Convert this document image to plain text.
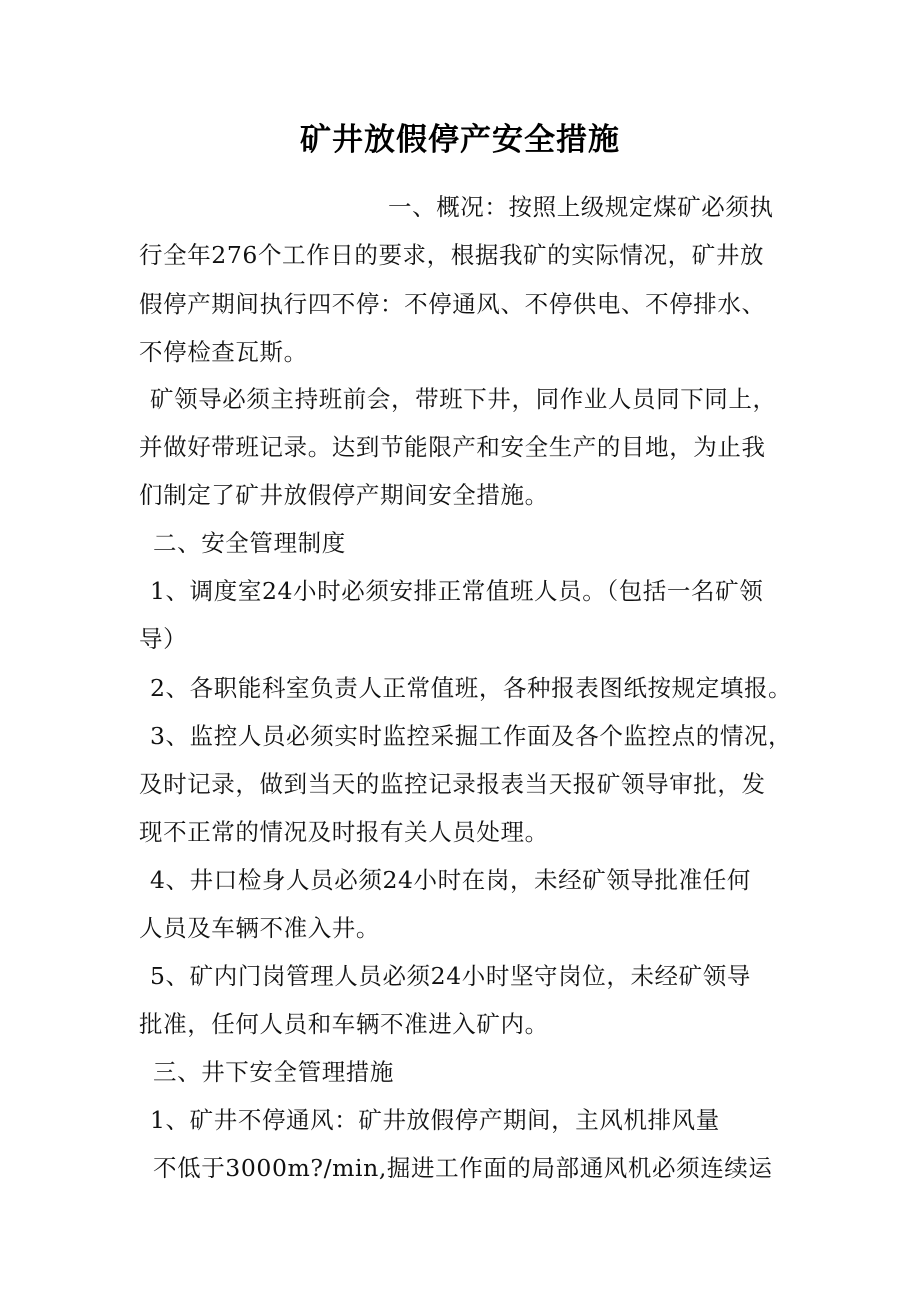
矿井放假停产安全措施
一、概况：按照上级规定煤矿必须执
行全年276个工作日的要求，根据我矿的实际情况，矿井放
假停产期间执行四不停：不停通风、不停供电、不停排水、
不停检查瓦斯。
矿领导必须主持班前会，带班下井，同作业人员同下同上，
并做好带班记录。达到节能限产和安全生产的目地，为止我
们制定了矿井放假停产期间安全措施。
二、安全管理制度
1、调度室24小时必须安排正常值班人员。（包括一名矿领
导）
2、各职能科室负责人正常值班，各种报表图纸按规定填报。
3、监控人员必须实时监控采掘工作面及各个监控点的情况，
及时记录，做到当天的监控记录报表当天报矿领导审批，发
现不正常的情况及时报有关人员处理。
4、井口检身人员必须24小时在岗，未经矿领导批准任何
人员及车辆不准入井。
5、矿内门岗管理人员必须24小时坚守岗位，未经矿领导
批准，任何人员和车辆不准进入矿内。
三、井下安全管理措施
1、矿井不停通风：矿井放假停产期间，主风机排风量
不低于3000m?/min,掘进工作面的局部通风机必须连续运
